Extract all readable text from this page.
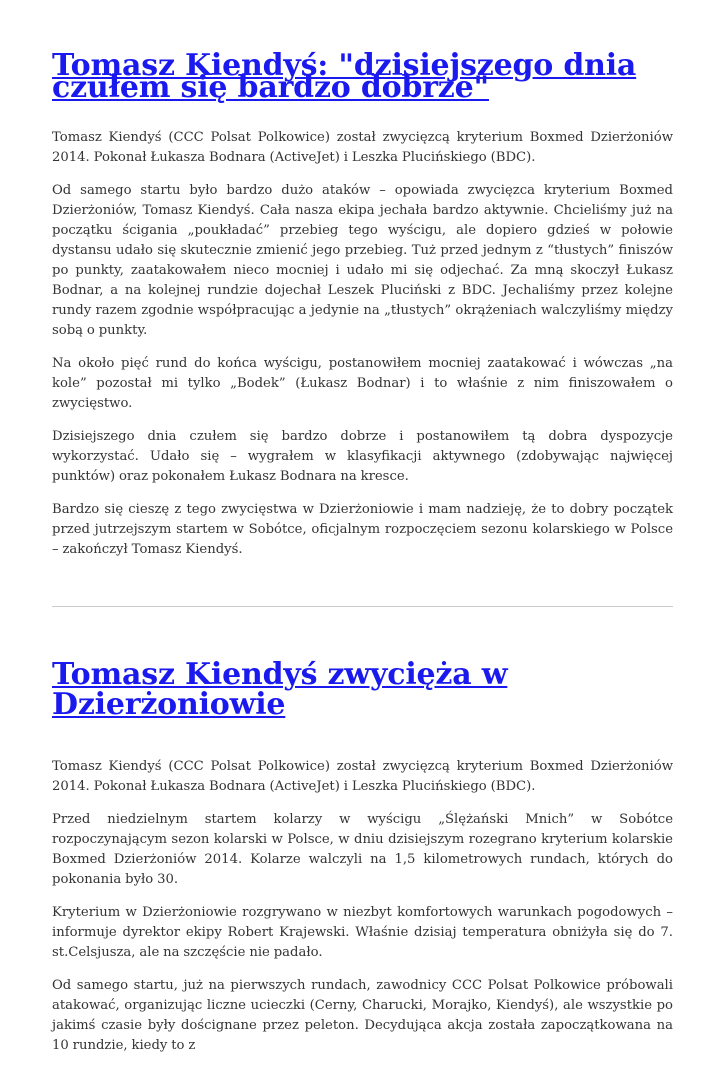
Tomasz Kiendyś: "dzisiejszego dnia czułem się bardzo dobrze"

Tomasz Kiendyś (CCC Polsat Polkowice) został zwycięzcą kryterium Boxmed Dzierżoniów 2014. Pokonał Łukasza Bodnara (ActiveJet) i Leszka Plucińskiego (BDC).

Od samego startu było bardzo dużo ataków – opowiada zwycięzca kryterium Boxmed Dzierżoniów, Tomasz Kiendyś. Cała nasza ekipa jechała bardzo aktywnie. Chcieliśmy już na początku ścigania „poukładać” przebieg tego wyścigu, ale dopiero gdzieś w połowie dystansu udało się skutecznie zmienić jego przebieg. Tuż przed jednym z “tłustych” finiszów po punkty, zaatakowałem nieco mocniej i udało mi się odjechać. Za mną skoczył Łukasz Bodnar, a na kolejnej rundzie dojechał Leszek Pluciński z BDC. Jechaliśmy przez kolejne rundy razem zgodnie współpracując a jedynie na „tłustych” okrążeniach walczyliśmy między sobą o punkty.

Na około pięć rund do końca wyścigu, postanowiłem mocniej zaatakować i wówczas „na kole” pozostał mi tylko „Bodek” (Łukasz Bodnar) i to właśnie z nim finiszowałem o zwycięstwo.

Dzisiejszego dnia czułem się bardzo dobrze i postanowiłem tą dobra dyspozycje wykorzystać. Udało się – wygrałem w klasyfikacji aktywnego (zdobywając najwięcej punktów) oraz pokonałem Łukasz Bodnara na kresce.

Bardzo się cieszę z tego zwycięstwa w Dzierżoniowie i mam nadzieję, że to dobry początek przed jutrzejszym startem w Sobótce, oficjalnym rozpoczęciem sezonu kolarskiego w Polsce – zakończył Tomasz Kiendyś.

Tomasz Kiendyś zwycięża w Dzierżoniowie

Tomasz Kiendyś (CCC Polsat Polkowice) został zwycięzcą kryterium Boxmed Dzierżoniów 2014. Pokonał Łukasza Bodnara (ActiveJet) i Leszka Plucińskiego (BDC).

Przed niedzielnym startem kolarzy w wyścigu „Ślężański Mnich” w Sobótce rozpoczynającym sezon kolarski w Polsce, w dniu dzisiejszym rozegrano kryterium kolarskie Boxmed Dzierżoniów 2014. Kolarze walczyli na 1,5 kilometrowych rundach, których do pokonania było 30.

Kryterium w Dzierżoniowie rozgrywano w niezbyt komfortowych warunkach pogodowych – informuje dyrektor ekipy Robert Krajewski. Właśnie dzisiaj temperatura obniżyła się do 7. st.Celsjusza, ale na szczęście nie padało.

Od samego startu, już na pierwszych rundach, zawodnicy CCC Polsat Polkowice próbowali atakować, organizując liczne ucieczki (Cerny, Charucki, Morajko, Kiendyś), ale wszystkie po jakimś czasie były doścignane przez peleton. Decydująca akcja została zapoczątkowana na 10 rundzie, kiedy to z
